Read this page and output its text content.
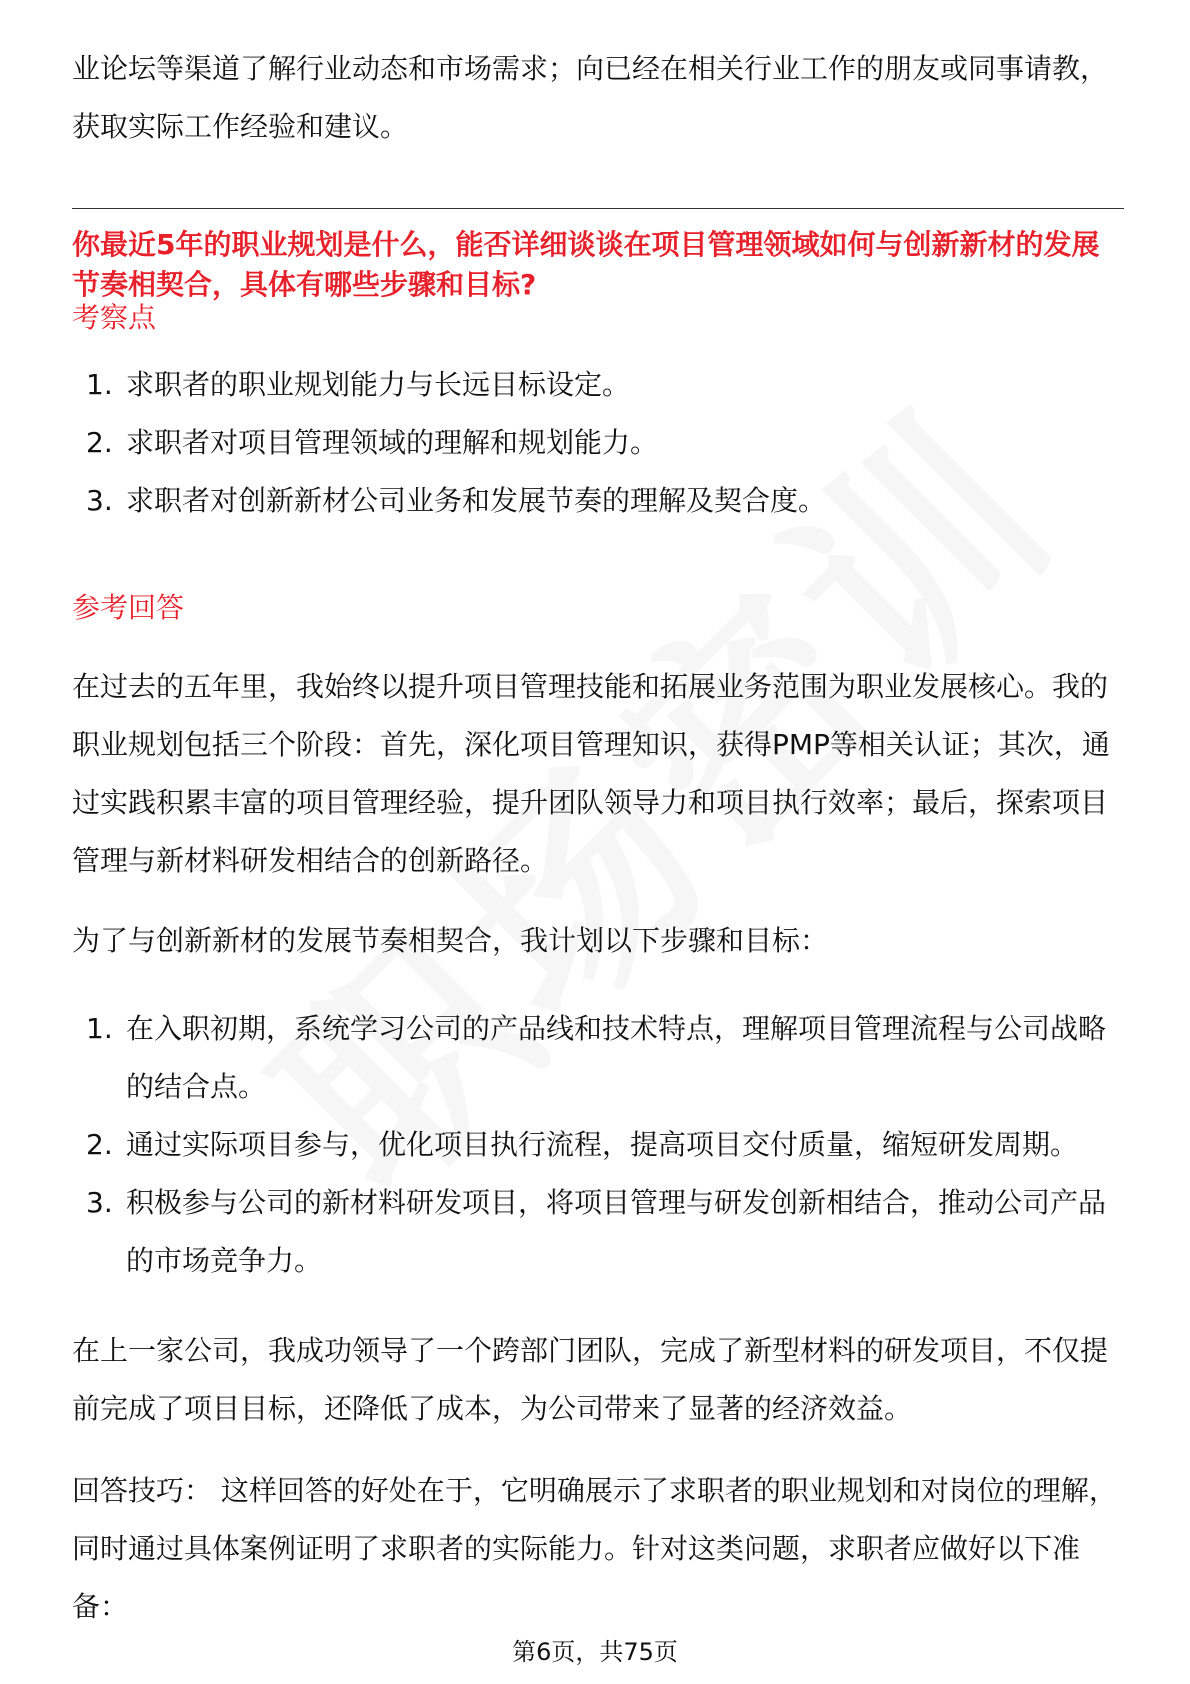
业论坛等渠道了解行业动态和市场需求；向已经在相关行业工作的朋友或同事请教，获取实际工作经验和建议。

你最近5年的职业规划是什么，能否详细谈谈在项目管理领域如何与创新新材的发展节奏相契合，具体有哪些步骤和目标?

考察点

1. 求职者的职业规划能力与长远目标设定。
2. 求职者对项目管理领域的理解和规划能力。
3. 求职者对创新新材公司业务和发展节奏的理解及契合度。

参考回答

在过去的五年里，我始终以提升项目管理技能和拓展业务范围为职业发展核心。我的职业规划包括三个阶段：首先，深化项目管理知识，获得PMP等相关认证；其次，通过实践积累丰富的项目管理经验，提升团队领导力和项目执行效率；最后，探索项目管理与新材料研发相结合的创新路径。

为了与创新新材的发展节奏相契合，我计划以下步骤和目标：

1. 在入职初期，系统学习公司的产品线和技术特点，理解项目管理流程与公司战略的结合点。
2. 通过实际项目参与，优化项目执行流程，提高项目交付质量，缩短研发周期。
3. 积极参与公司的新材料研发项目，将项目管理与研发创新相结合，推动公司产品的市场竞争力。

在上一家公司，我成功领导了一个跨部门团队，完成了新型材料的研发项目，不仅提前完成了项目目标，还降低了成本，为公司带来了显著的经济效益。

回答技巧： 这样回答的好处在于，它明确展示了求职者的职业规划和对岗位的理解，同时通过具体案例证明了求职者的实际能力。针对这类问题，求职者应做好以下准备：

第6页，共75页
